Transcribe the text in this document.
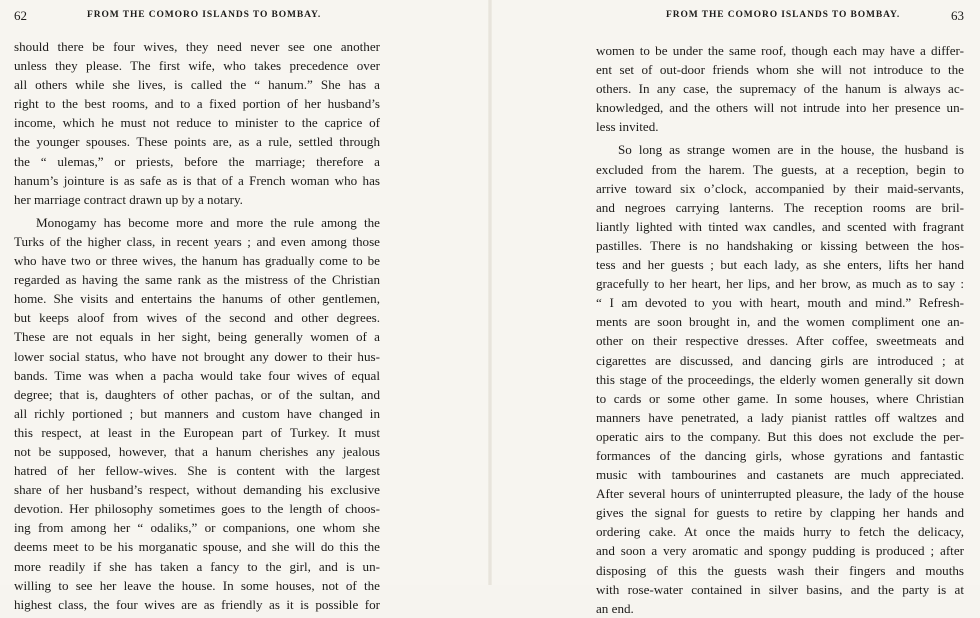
62	FROM THE COMORO ISLANDS TO BOMBAY.
should there be four wives, they need never see one another
unless they please. The first wife, who takes precedence over
all others while she lives, is called the “ hanum.” She has a
right to the best rooms, and to a fixed portion of her husband’s
income, which he must not reduce to minister to the caprice of
the younger spouses. These points are, as a rule, settled through
the “ ulemas,” or priests, before the marriage; therefore a
hanum’s jointure is as safe as is that of a French woman who has
her marriage contract drawn up by a notary.
Monogamy has become more and more the rule among the
Turks of the higher class, in recent years ; and even among those
who have two or three wives, the hanum has gradually come to be
regarded as having the same rank as the mistress of the Christian
home. She visits and entertains the hanums of other gentlemen,
but keeps aloof from wives of the second and other degrees.
These are not equals in her sight, being generally women of a
lower social status, who have not brought any dower to their hus-
bands. Time was when a pacha would take four wives of equal
degree; that is, daughters of other pachas, or of the sultan, and
all richly portioned ; but manners and custom have changed in
this respect, at least in the European part of Turkey. It must
not be supposed, however, that a hanum cherishes any jealous
hatred of her fellow-wives. She is content with the largest
share of her husband’s respect, without demanding his exclusive
devotion. Her philosophy sometimes goes to the length of choos-
ing from among her “ odaliks,” or companions, one whom she
deems meet to be his morganatic spouse, and she will do this the
more readily if she has taken a fancy to the girl, and is un-
willing to see her leave the house. In some houses, not of the
highest class, the four wives are as friendly as it is possible for
FROM THE COMORO ISLANDS TO BOMBAY.	63
women to be under the same roof, though each may have a differ-
ent set of out-door friends whom she will not introduce to the
others. In any case, the supremacy of the hanum is always ac-
knowledged, and the others will not intrude into her presence un-
less invited.
So long as strange women are in the house, the husband is
excluded from the harem. The guests, at a reception, begin to
arrive toward six o’clock, accompanied by their maid-servants,
and negroes carrying lanterns. The reception rooms are bril-
liantly lighted with tinted wax candles, and scented with fragrant
pastilles. There is no handshaking or kissing between the hos-
tess and her guests ; but each lady, as she enters, lifts her hand
gracefully to her heart, her lips, and her brow, as much as to say :
“ I am devoted to you with heart, mouth and mind.” Refresh-
ments are soon brought in, and the women compliment one an-
other on their respective dresses. After coffee, sweetmeats and
cigarettes are discussed, and dancing girls are introduced ; at
this stage of the proceedings, the elderly women generally sit down
to cards or some other game. In some houses, where Christian
manners have penetrated, a lady pianist rattles off waltzes and
operatic airs to the company. But this does not exclude the per-
formances of the dancing girls, whose gyrations and fantastic
music with tambourines and castanets are much appreciated.
After several hours of uninterrupted pleasure, the lady of the house
gives the signal for guests to retire by clapping her hands and
ordering cake. At once the maids hurry to fetch the delicacy,
and soon a very aromatic and spongy pudding is produced ; after
disposing of this the guests wash their fingers and mouths
with rose-water contained in silver basins, and the party is at
an end.
